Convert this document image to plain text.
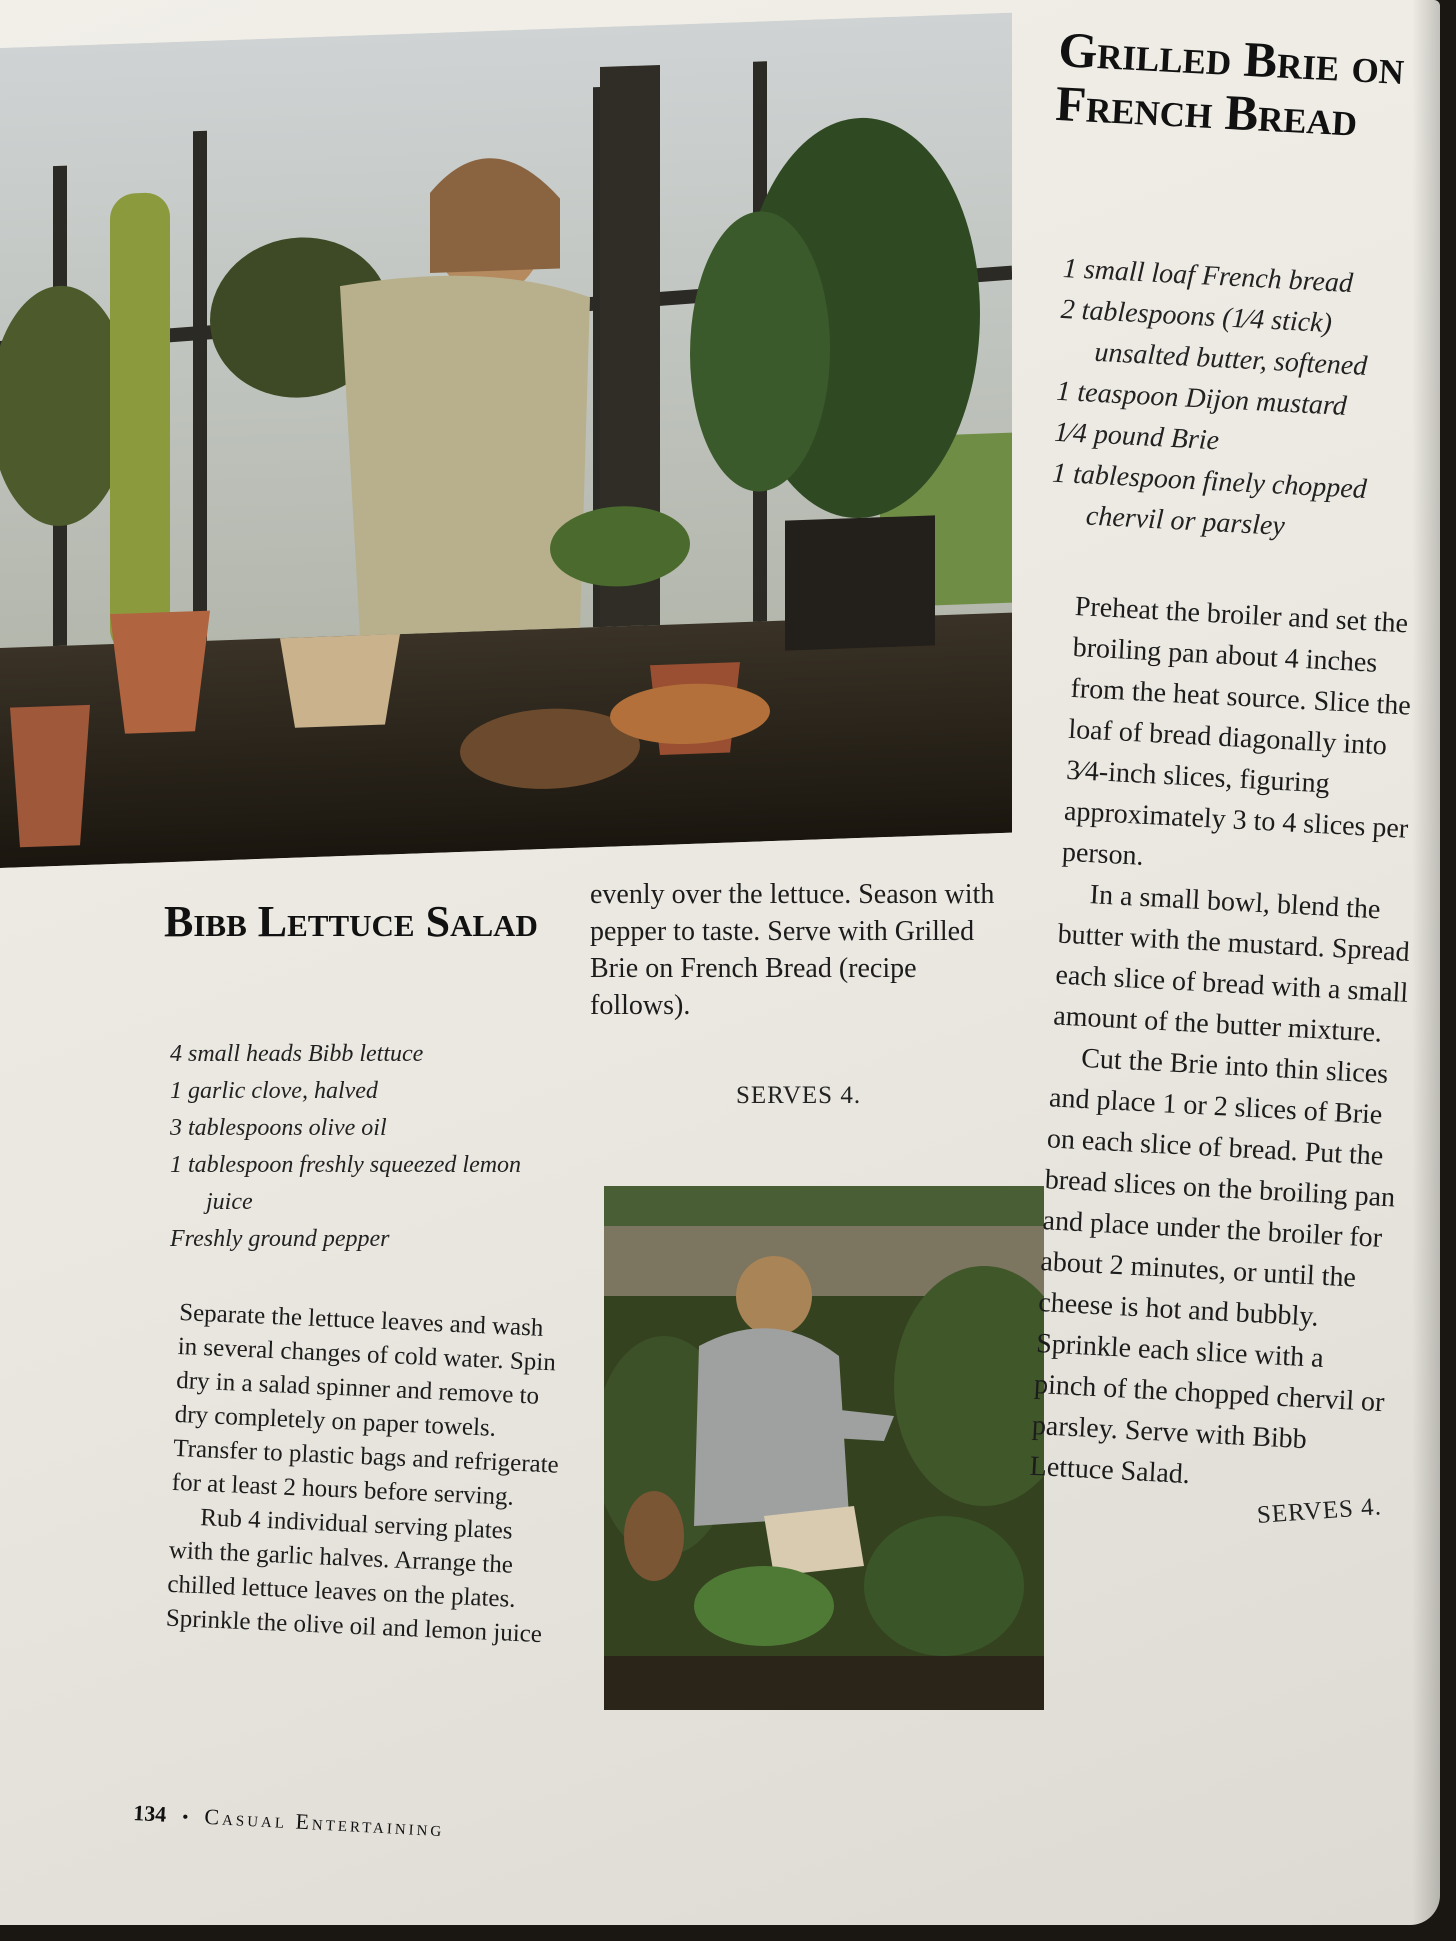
Grilled Brie on French Bread
1 small loaf French bread
2 tablespoons (1⁄4 stick) unsalted butter, softened
1 teaspoon Dijon mustard
1⁄4 pound Brie
1 tablespoon finely chopped chervil or parsley

Preheat the broiler and set the broiling pan about 4 inches from the heat source. Slice the loaf of bread diagonally into 3⁄4-inch slices, figuring approximately 3 to 4 slices per person.

In a small bowl, blend the butter with the mustard. Spread each slice of bread with a small amount of the butter mixture.

Cut the Brie into thin slices and place 1 or 2 slices of Brie on each slice of bread. Put the bread slices on the broiling pan and place under the broiler for about 2 minutes, or until the cheese is hot and bubbly. Sprinkle each slice with a pinch of the chopped chervil or parsley. Serve with Bibb Lettuce Salad.

SERVES 4.
Bibb Lettuce Salad
4 small heads Bibb lettuce
1 garlic clove, halved
3 tablespoons olive oil
1 tablespoon freshly squeezed lemon juice
Freshly ground pepper

Separate the lettuce leaves and wash in several changes of cold water. Spin dry in a salad spinner and remove to dry completely on paper towels. Transfer to plastic bags and refrigerate for at least 2 hours before serving.

Rub 4 individual serving plates with the garlic halves. Arrange the chilled lettuce leaves on the plates. Sprinkle the olive oil and lemon juice

evenly over the lettuce. Season with pepper to taste. Serve with Grilled Brie on French Bread (recipe follows).

SERVES 4.
134 • Casual Entertaining
